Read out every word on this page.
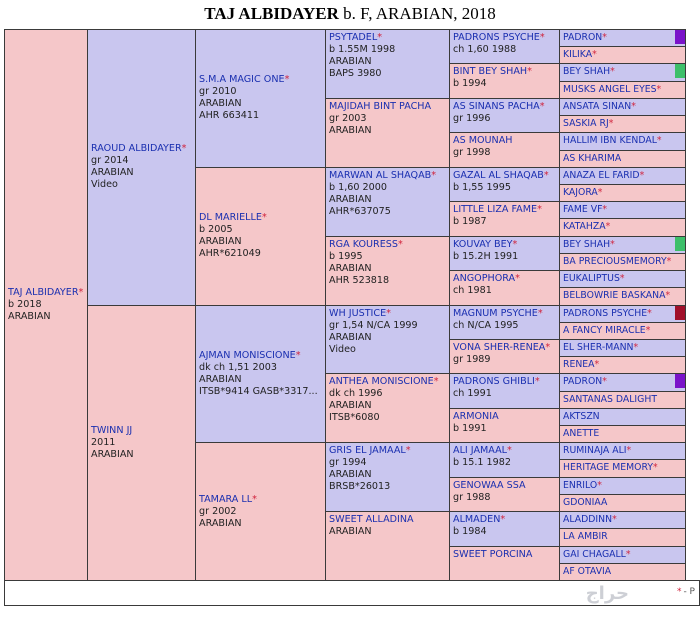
TAJ ALBIDAYER b. F, ARABIAN, 2018
TAJ ALBIDAYER*
b 2018
ARABIAN
RAOUD ALBIDAYER*
gr 2014
ARABIAN
Video
TWINN JJ
2011
ARABIAN
S.M.A MAGIC ONE*
gr 2010
ARABIAN
AHR 663411
DL MARIELLE*
b 2005
ARABIAN
AHR*621049
AJMAN MONISCIONE*
dk ch 1,51 2003
ARABIAN
ITSB*9414 GASB*3317...
TAMARA LL*
gr 2002
ARABIAN
PSYTADEL*
b 1.55M 1998
ARABIAN
BAPS 3980
MAJIDAH BINT PACHA
gr 2003
ARABIAN
MARWAN AL SHAQAB*
b 1,60 2000
ARABIAN
AHR*637075
RGA KOURESS*
b 1995
ARABIAN
AHR 523818
WH JUSTICE*
gr 1,54 N/CA 1999
ARABIAN
Video
ANTHEA MONISCIONE*
dk ch 1996
ARABIAN
ITSB*6080
GRIS EL JAMAAL*
gr 1994
ARABIAN
BRSB*26013
SWEET ALLADINA
ARABIAN
PADRONS PSYCHE*
ch 1,60 1988
BINT BEY SHAH*
b 1994
AS SINANS PACHA*
gr 1996
AS MOUNAH
gr 1998
GAZAL AL SHAQAB*
b 1,55 1995
LITTLE LIZA FAME*
b 1987
KOUVAY BEY*
b 15.2H 1991
ANGOPHORA*
ch 1981
MAGNUM PSYCHE*
ch N/CA 1995
VONA SHER-RENEA*
gr 1989
PADRONS GHIBLI*
ch 1991
ARMONIA
b 1991
ALI JAMAAL*
b 15.1 1982
GENOWAA SSA
gr 1988
ALMADEN*
b 1984
SWEET PORCINA
PADRON*
KILIKA*
BEY SHAH*
MUSKS ANGEL EYES*
ANSATA SINAN*
SASKIA RJ*
HALLIM IBN KENDAL*
AS KHARIMA
ANAZA EL FARID*
KAJORA*
FAME VF*
KATAHZA*
BEY SHAH*
BA PRECIOUSMEMORY*
EUKALIPTUS*
BELBOWRIE BASKANA*
PADRONS PSYCHE*
A FANCY MIRACLE*
EL SHER-MANN*
RENEA*
PADRON*
SANTANAS DALIGHT
AKTSZN
ANETTE
RUMINAJA ALI*
HERITAGE MEMORY*
ENRILO*
GDONIAA
ALADDINN*
LA AMBIR
GAI CHAGALL*
AF OTAVIA
حراج	* - P
